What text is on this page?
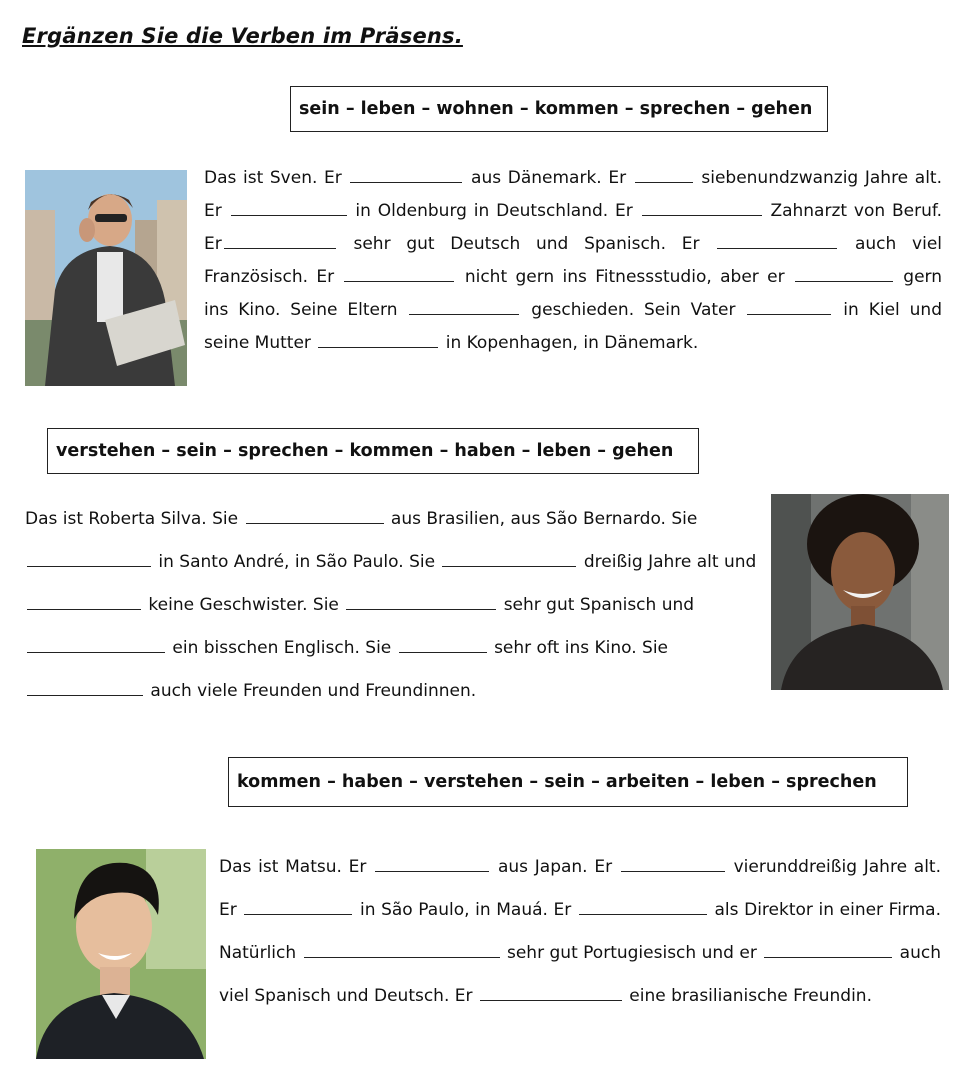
Ergänzen Sie die Verben im Präsens.
sein – leben – wohnen – kommen – sprechen – gehen
Das ist Sven. Er	aus Dänemark. Er	siebenundzwanzig Jahre alt. Er	in Oldenburg in Deutschland. Er	Zahnarzt von Beruf. Er	sehr gut Deutsch und Spanisch. Er	auch viel Französisch. Er	nicht gern ins Fitnessstudio, aber er	gern ins Kino. Seine Eltern	geschieden. Sein Vater	in Kiel und seine Mutter	in Kopenhagen, in Dänemark.
verstehen – sein – sprechen – kommen – haben – leben – gehen
Das ist Roberta Silva. Sie	aus Brasilien, aus São Bernardo. Sie  in Santo André, in São Paulo. Sie	dreißig Jahre alt und  keine Geschwister. Sie	sehr gut Spanisch und  ein bisschen Englisch. Sie	sehr oft ins Kino. Sie  auch viele Freunden und Freundinnen.
kommen – haben – verstehen – sein – arbeiten – leben – sprechen
Das ist Matsu. Er	aus Japan. Er	vierunddreißig Jahre alt. Er	in São Paulo, in Mauá. Er	als Direktor in einer Firma. Natürlich	sehr gut Portugiesisch und er	auch viel Spanisch und Deutsch. Er	eine brasilianische Freundin.
